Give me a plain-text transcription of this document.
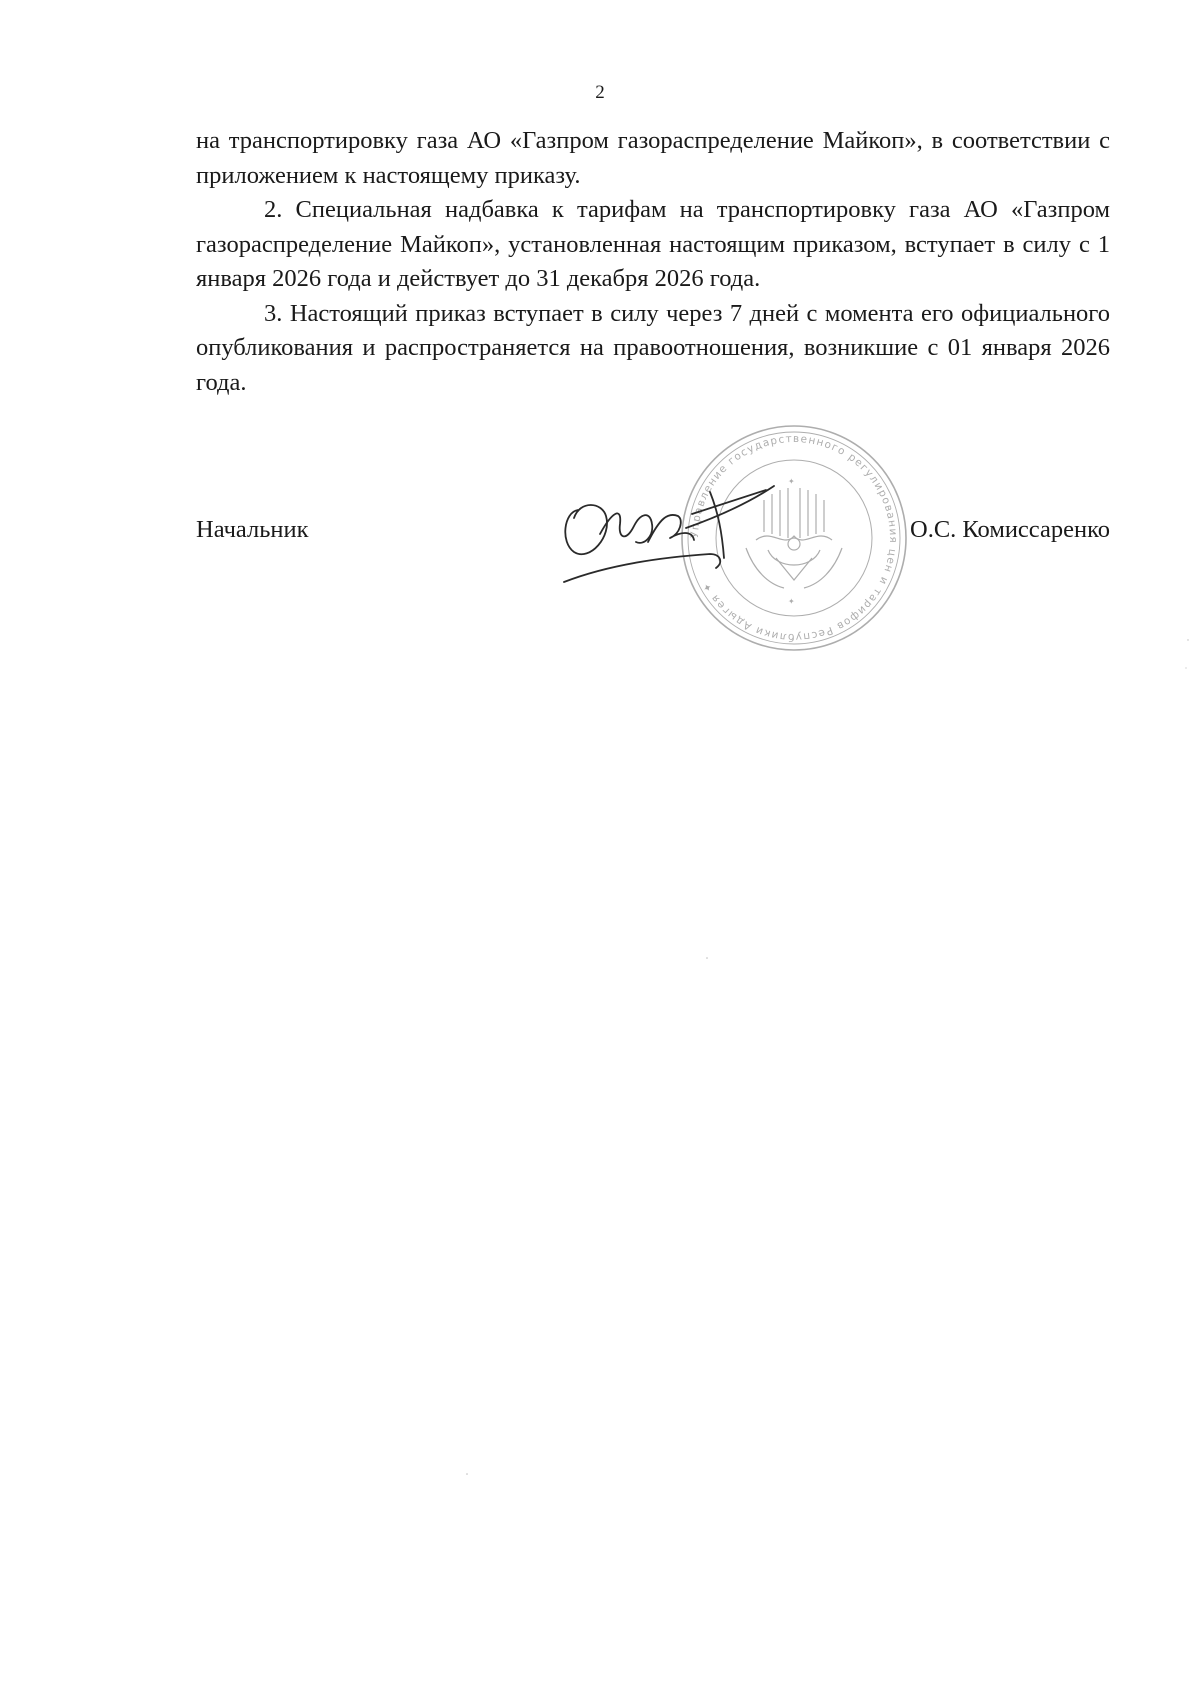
2

на транспортировку газа АО «Газпром газораспределение Майкоп», в соответствии с приложением к настоящему приказу.

2. Специальная надбавка к тарифам на транспортировку газа АО «Газпром газораспределение Майкоп», установленная настоящим приказом, вступает в силу с 1 января 2026 года и действует до 31 декабря 2026 года.

3. Настоящий приказ вступает в силу через 7 дней с момента его официального опубликования и распространяется на правоотношения, возникшие с 01 января 2026 года.

Управление государственного регулирования цен и тарифов Республики Адыгея ✦
✦
✦
Начальник	О.С. Комиссаренко
